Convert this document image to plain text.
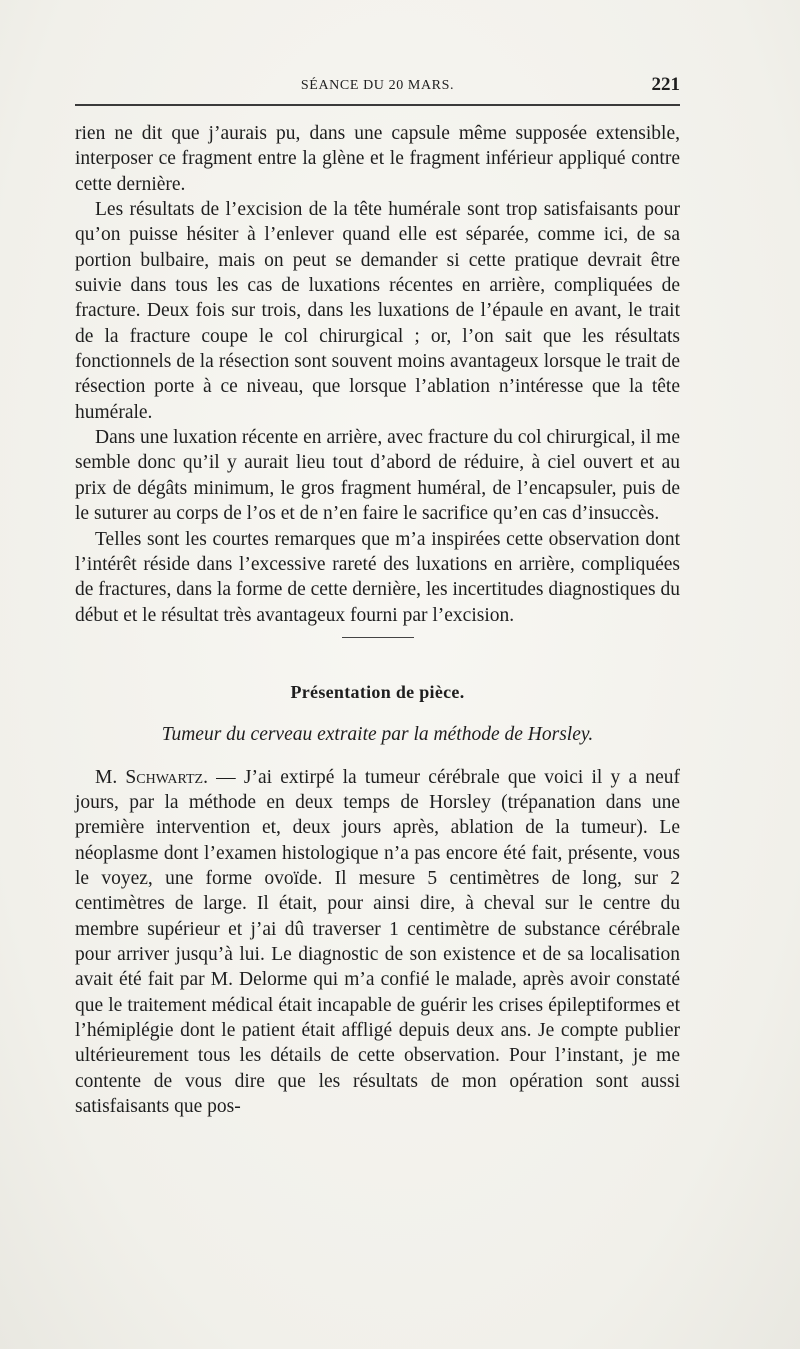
SÉANCE DU 20 MARS.	221

rien ne dit que j’aurais pu, dans une capsule même supposée extensible, interposer ce fragment entre la glène et le fragment inférieur appliqué contre cette dernière.

Les résultats de l’excision de la tête humérale sont trop satisfaisants pour qu’on puisse hésiter à l’enlever quand elle est séparée, comme ici, de sa portion bulbaire, mais on peut se demander si cette pratique devrait être suivie dans tous les cas de luxations récentes en arrière, compliquées de fracture. Deux fois sur trois, dans les luxations de l’épaule en avant, le trait de la fracture coupe le col chirurgical ; or, l’on sait que les résultats fonctionnels de la résection sont souvent moins avantageux lorsque le trait de résection porte à ce niveau, que lorsque l’ablation n’intéresse que la tête humérale.

Dans une luxation récente en arrière, avec fracture du col chirurgical, il me semble donc qu’il y aurait lieu tout d’abord de réduire, à ciel ouvert et au prix de dégâts minimum, le gros fragment huméral, de l’encapsuler, puis de le suturer au corps de l’os et de n’en faire le sacrifice qu’en cas d’insuccès.

Telles sont les courtes remarques que m’a inspirées cette observation dont l’intérêt réside dans l’excessive rareté des luxations en arrière, compliquées de fractures, dans la forme de cette dernière, les incertitudes diagnostiques du début et le résultat très avantageux fourni par l’excision.

Présentation de pièce.
Tumeur du cerveau extraite par la méthode de Horsley.

M. Schwartz. — J’ai extirpé la tumeur cérébrale que voici il y a neuf jours, par la méthode en deux temps de Horsley (trépanation dans une première intervention et, deux jours après, ablation de la tumeur). Le néoplasme dont l’examen histologique n’a pas encore été fait, présente, vous le voyez, une forme ovoïde. Il mesure 5 centimètres de long, sur 2 centimètres de large. Il était, pour ainsi dire, à cheval sur le centre du membre supérieur et j’ai dû traverser 1 centimètre de substance cérébrale pour arriver jusqu’à lui. Le diagnostic de son existence et de sa localisation avait été fait par M. Delorme qui m’a confié le malade, après avoir constaté que le traitement médical était incapable de guérir les crises épileptiformes et l’hémiplégie dont le patient était affligé depuis deux ans. Je compte publier ultérieurement tous les détails de cette observation. Pour l’instant, je me contente de vous dire que les résultats de mon opération sont aussi satisfaisants que pos-
